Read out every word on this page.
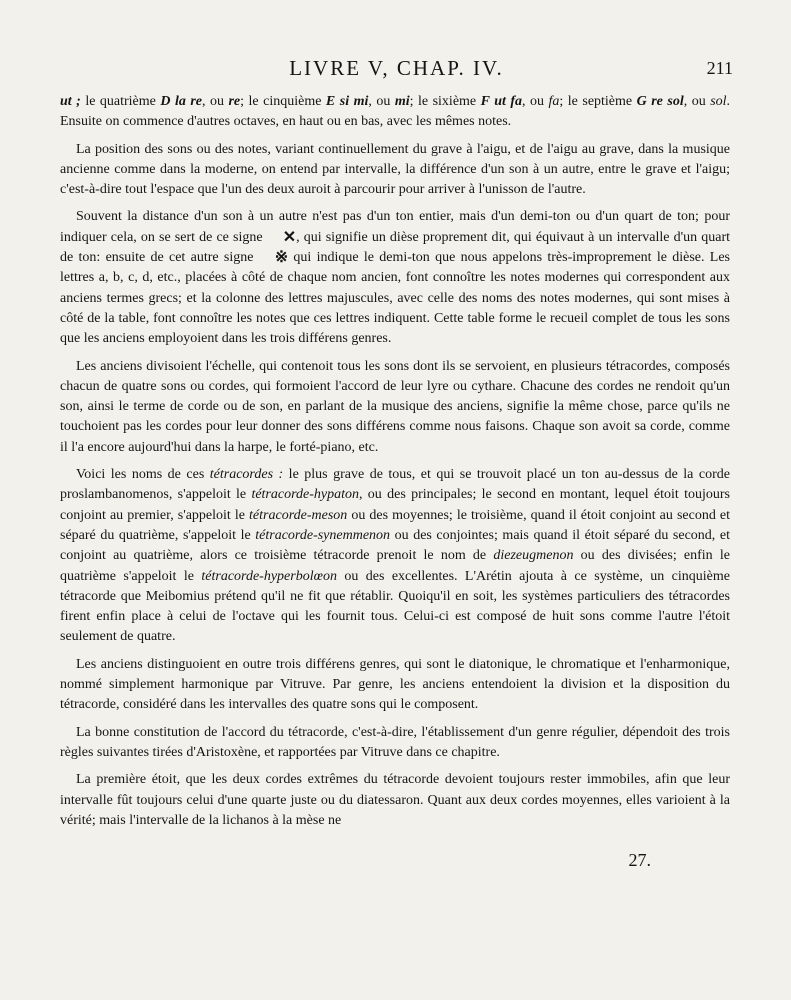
LIVRE V, CHAP. IV.	211

ut ; le quatrième D la re, ou re; le cinquième E si mi, ou mi; le sixième F ut fa, ou fa; le septième G re sol, ou sol. Ensuite on commence d'autres octaves, en haut ou en bas, avec les mêmes notes.

La position des sons ou des notes, variant continuellement du grave à l'aigu, et de l'aigu au grave, dans la musique ancienne comme dans la moderne, on entend par intervalle, la différence d'un son à un autre, entre le grave et l'aigu; c'est-à-dire tout l'espace que l'un des deux auroit à parcourir pour arriver à l'unisson de l'autre.

Souvent la distance d'un son à un autre n'est pas d'un ton entier, mais d'un demi-ton ou d'un quart de ton; pour indiquer cela, on se sert de ce signe ✕, qui signifie un dièse proprement dit, qui équivaut à un intervalle d'un quart de ton: ensuite de cet autre signe ※ qui indique le demi-ton que nous appelons très-improprement le dièse. Les lettres a, b, c, d, etc., placées à côté de chaque nom ancien, font connoître les notes modernes qui correspondent aux anciens termes grecs; et la colonne des lettres majuscules, avec celle des noms des notes modernes, qui sont mises à côté de la table, font connoître les notes que ces lettres indiquent. Cette table forme le recueil complet de tous les sons que les anciens employoient dans les trois différens genres.

Les anciens divisoient l'échelle, qui contenoit tous les sons dont ils se servoient, en plusieurs tétracordes, composés chacun de quatre sons ou cordes, qui formoient l'accord de leur lyre ou cythare. Chacune des cordes ne rendoit qu'un son, ainsi le terme de corde ou de son, en parlant de la musique des anciens, signifie la même chose, parce qu'ils ne touchoient pas les cordes pour leur donner des sons différens comme nous faisons. Chaque son avoit sa corde, comme il l'a encore aujourd'hui dans la harpe, le forté-piano, etc.

Voici les noms de ces tétracordes : le plus grave de tous, et qui se trouvoit placé un ton au-dessus de la corde proslambanomenos, s'appeloit le tétracorde-hypaton, ou des principales; le second en montant, lequel étoit toujours conjoint au premier, s'appeloit le tétracorde-meson ou des moyennes; le troisième, quand il étoit conjoint au second et séparé du quatrième, s'appeloit le tétracorde-synemmenon ou des conjointes; mais quand il étoit séparé du second, et conjoint au quatrième, alors ce troisième tétracorde prenoit le nom de diezeugmenon ou des divisées; enfin le quatrième s'appeloit le tétracorde-hyperbolœon ou des excellentes. L'Arétin ajouta à ce système, un cinquième tétracorde que Meibomius prétend qu'il ne fit que rétablir. Quoiqu'il en soit, les systèmes particuliers des tétracordes firent enfin place à celui de l'octave qui les fournit tous. Celui-ci est composé de huit sons comme l'autre l'étoit seulement de quatre.

Les anciens distinguoient en outre trois différens genres, qui sont le diatonique, le chromatique et l'enharmonique, nommé simplement harmonique par Vitruve. Par genre, les anciens entendoient la division et la disposition du tétracorde, considéré dans les intervalles des quatre sons qui le composent.

La bonne constitution de l'accord du tétracorde, c'est-à-dire, l'établissement d'un genre régulier, dépendoit des trois règles suivantes tirées d'Aristoxène, et rapportées par Vitruve dans ce chapitre.

La première étoit, que les deux cordes extrêmes du tétracorde devoient toujours rester immobiles, afin que leur intervalle fût toujours celui d'une quarte juste ou du diatessaron. Quant aux deux cordes moyennes, elles varioient à la vérité; mais l'intervalle de la lichanos à la mèse ne

27.
